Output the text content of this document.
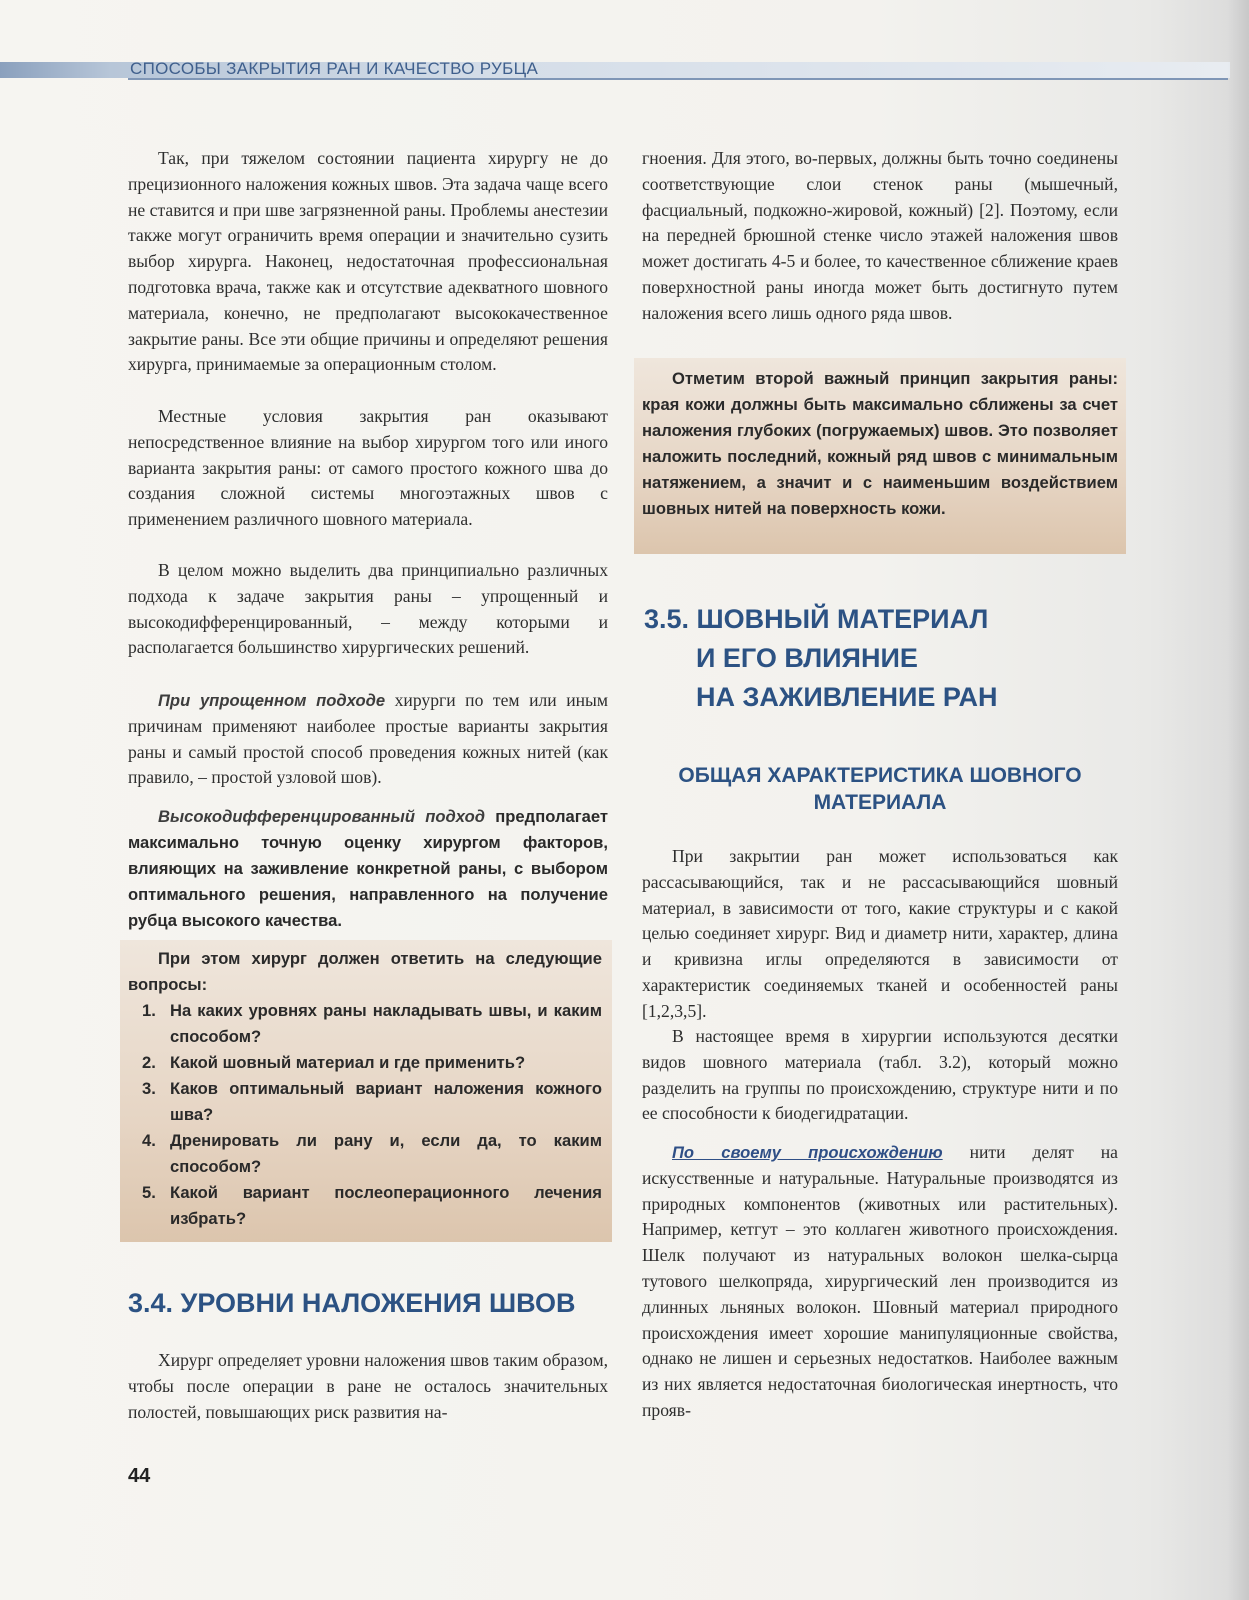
СПОСОБЫ ЗАКРЫТИЯ РАН И КАЧЕСТВО РУБЦА

Так, при тяжелом состоянии пациента хирургу не до прецизионного наложения кожных швов. Эта задача чаще всего не ставится и при шве загрязненной раны. Проблемы анестезии также могут ограничить время операции и значительно сузить выбор хирурга. Наконец, недостаточная профессиональная подготовка врача, также как и отсутствие адекватного шовного материала, конечно, не предполагают высококачественное закрытие раны. Все эти общие причины и определяют решения хирурга, принимаемые за операционным столом.

Местные условия закрытия ран оказывают непосредственное влияние на выбор хирургом того или иного варианта закрытия раны: от самого простого кожного шва до создания сложной системы многоэтажных швов с применением различного шовного материала.

В целом можно выделить два принципиально различных подхода к задаче закрытия раны – упрощенный и высокодифференцированный, – между которыми и располагается большинство хирургических решений.

При упрощенном подходе хирурги по тем или иным причинам применяют наиболее простые варианты закрытия раны и самый простой способ проведения кожных нитей (как правило, – простой узловой шов).

Высокодифференцированный подход предполагает максимально точную оценку хирургом факторов, влияющих на заживление конкретной раны, с выбором оптимального решения, направленного на получение рубца высокого качества.

При этом хирург должен ответить на следующие вопросы:

1. На каких уровнях раны накладывать швы, и каким способом?
2. Какой шовный материал и где применить?
3. Каков оптимальный вариант наложения кожного шва?
4. Дренировать ли рану и, если да, то каким способом?
5. Какой вариант послеоперационного лечения избрать?
3.4. УРОВНИ НАЛОЖЕНИЯ ШВОВ

Хирург определяет уровни наложения швов таким образом, чтобы после операции в ране не осталось значительных полостей, повышающих риск развития на-

гноения. Для этого, во-первых, должны быть точно соединены соответствующие слои стенок раны (мышечный, фасциальный, подкожно-жировой, кожный) [2]. Поэтому, если на передней брюшной стенке число этажей наложения швов может достигать 4-5 и более, то качественное сближение краев поверхностной раны иногда может быть достигнуто путем наложения всего лишь одного ряда швов.

Отметим второй важный принцип закрытия раны: края кожи должны быть максимально сближены за счет наложения глубоких (погружаемых) швов. Это позволяет наложить последний, кожный ряд швов с минимальным натяжением, а значит и с наименьшим воздействием шовных нитей на поверхность кожи.

3.5. ШОВНЫЙ МАТЕРИАЛ
И ЕГО ВЛИЯНИЕ
НА ЗАЖИВЛЕНИЕ РАН
ОБЩАЯ ХАРАКТЕРИСТИКА ШОВНОГО МАТЕРИАЛА

При закрытии ран может использоваться как рассасывающийся, так и не рассасывающийся шовный материал, в зависимости от того, какие структуры и с какой целью соединяет хирург. Вид и диаметр нити, характер, длина и кривизна иглы определяются в зависимости от характеристик соединяемых тканей и особенностей раны [1,2,3,5].

В настоящее время в хирургии используются десятки видов шовного материала (табл. 3.2), который можно разделить на группы по происхождению, структуре нити и по ее способности к биодегидратации.

По своему происхождению нити делят на искусственные и натуральные. Натуральные производятся из природных компонентов (животных или растительных). Например, кетгут – это коллаген животного происхождения. Шелк получают из натуральных волокон шелка-сырца тутового шелкопряда, хирургический лен производится из длинных льняных волокон. Шовный материал природного происхождения имеет хорошие манипуляционные свойства, однако не лишен и серьезных недостатков. Наиболее важным из них является недостаточная биологическая инертность, что прояв-

44
